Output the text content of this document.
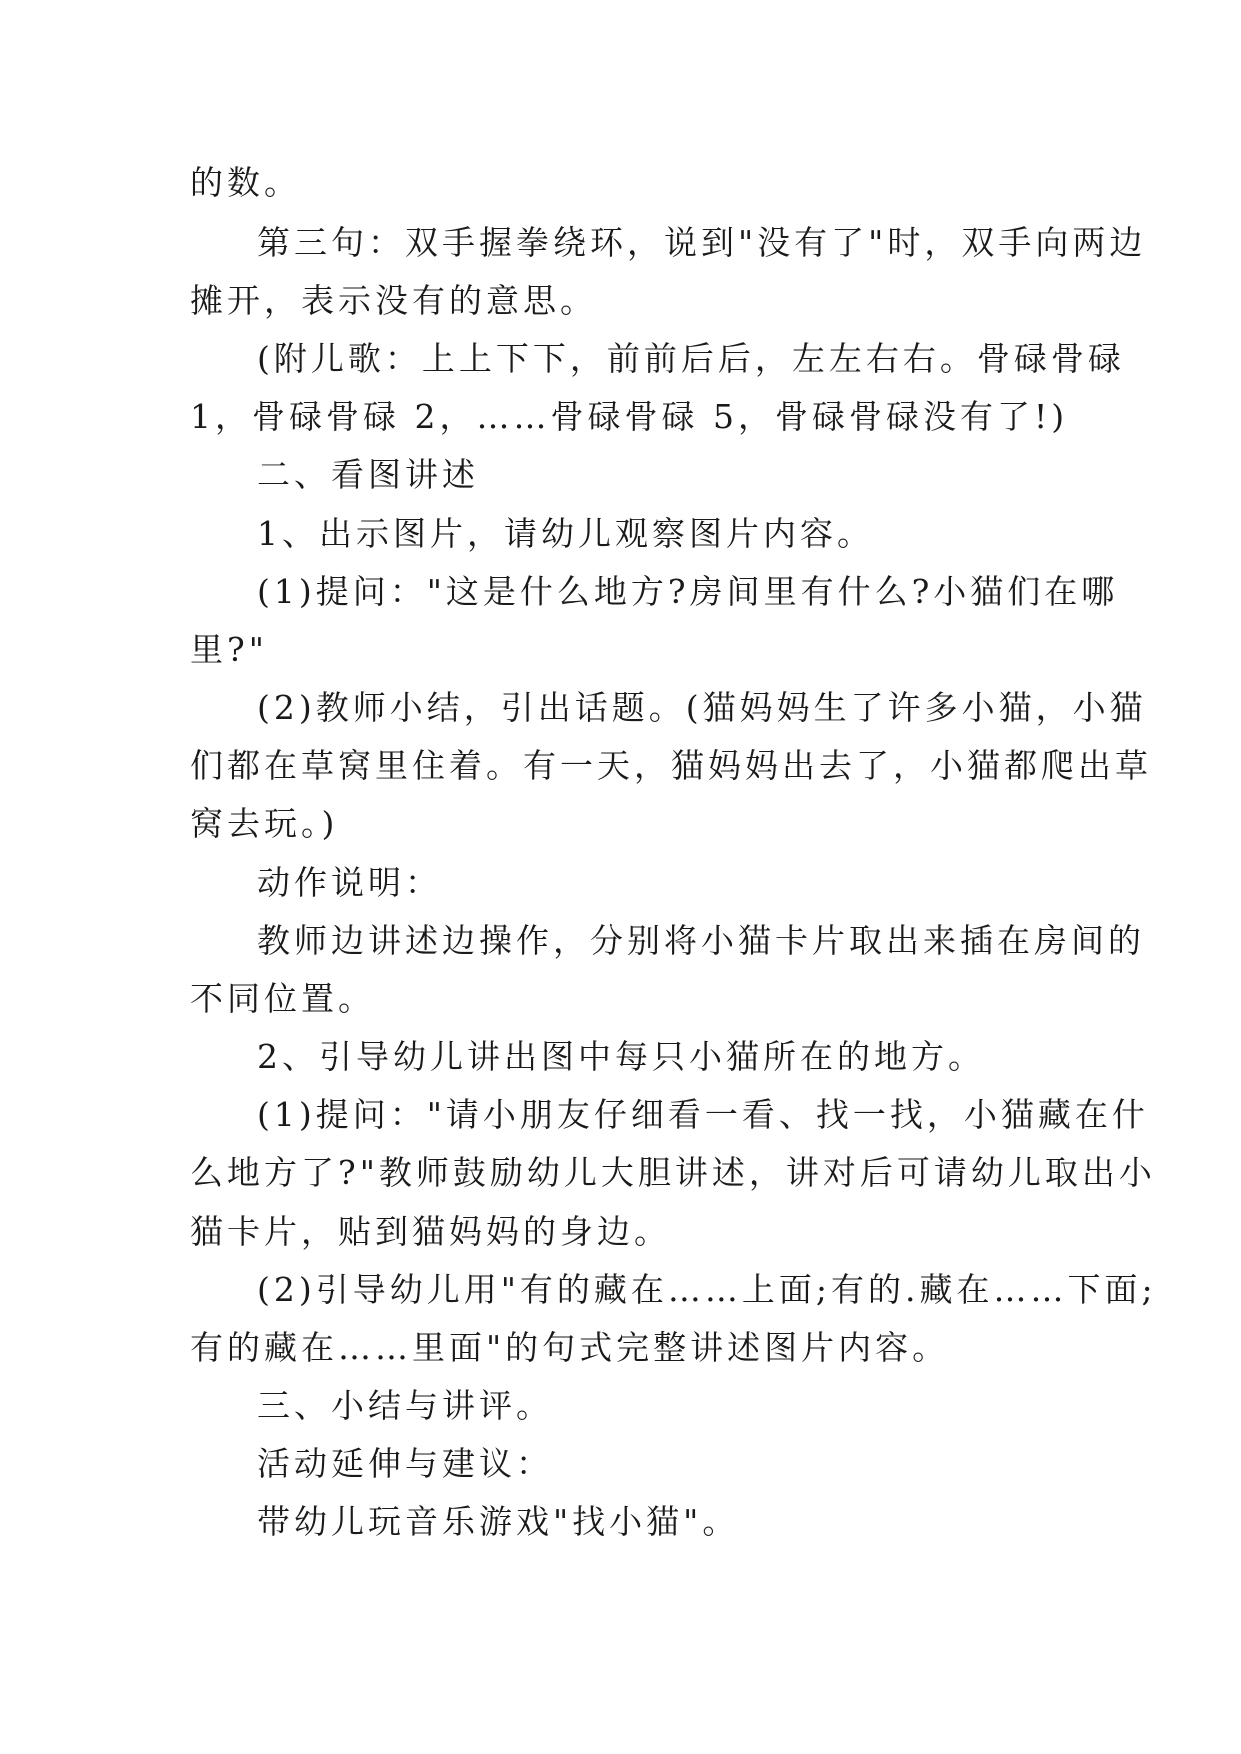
的数。
第三句：双手握拳绕环，说到"没有了"时，双手向两边
摊开，表示没有的意思。
(附儿歌：上上下下，前前后后，左左右右。骨碌骨碌
1，骨碌骨碌 2，……骨碌骨碌 5，骨碌骨碌没有了!)
二、看图讲述
1、出示图片，请幼儿观察图片内容。
(1)提问："这是什么地方?房间里有什么?小猫们在哪
里?"
(2)教师小结，引出话题。(猫妈妈生了许多小猫，小猫
们都在草窝里住着。有一天，猫妈妈出去了，小猫都爬出草
窝去玩。)
动作说明：
教师边讲述边操作，分别将小猫卡片取出来插在房间的
不同位置。
2、引导幼儿讲出图中每只小猫所在的地方。
(1)提问："请小朋友仔细看一看、找一找，小猫藏在什
么地方了?"教师鼓励幼儿大胆讲述，讲对后可请幼儿取出小
猫卡片，贴到猫妈妈的身边。
(2)引导幼儿用"有的藏在……上面;有的.藏在……下面;
有的藏在……里面"的句式完整讲述图片内容。
三、小结与讲评。
活动延伸与建议：
带幼儿玩音乐游戏"找小猫"。
